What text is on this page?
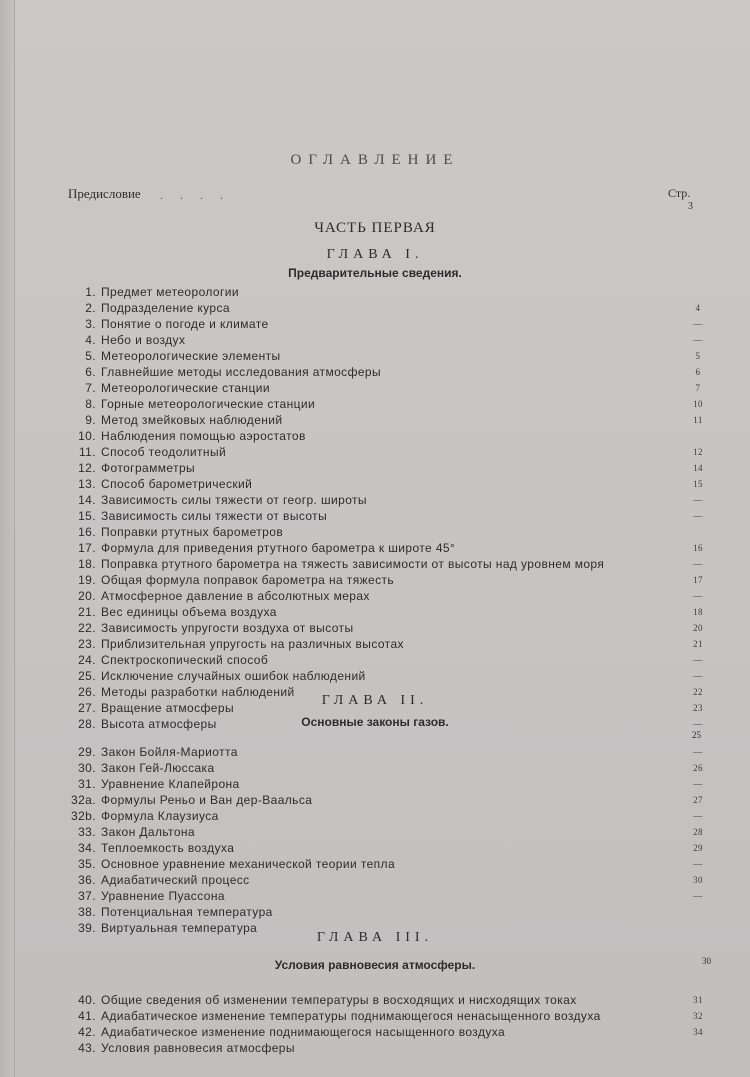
ОГЛАВЛЕНИЕ
Предисловие . . . .	Стр.
3
ЧАСТЬ ПЕРВАЯ
ГЛАВА I.
Предварительные сведения.
1. Предмет метеорологии
2. Подразделение курса	4
3. Понятие о погоде и климате	—
4. Небо и воздух	—
5. Метеорологические элементы	5
6. Главнейшие методы исследования атмосферы	6
7. Метеорологические станции	7
8. Горные метеорологические станции	10
9. Метод змейковых наблюдений	11
10. Наблюдения помощью аэростатов
11. Способ теодолитный	12
12. Фотограмметры	14
13. Способ барометрический	15
14. Зависимость силы тяжести от геогр. широты	—
15. Зависимость силы тяжести от высоты	—
16. Поправки ртутных барометров
17. Формула для приведения ртутного барометра к широте 45°	16
18. Поправка ртутного барометра на тяжесть зависимости от высоты над уровнем моря	—
19. Общая формула поправок барометра на тяжесть	17
20. Атмосферное давление в абсолютных мерах	—
21. Вес единицы объема воздуха	18
22. Зависимость упругости воздуха от высоты	20
23. Приблизительная упругость на различных высотах	21
24. Спектроскопический способ	—
25. Исключение случайных ошибок наблюдений	—
26. Методы разработки наблюдений	22
27. Вращение атмосферы	23
28. Высота атмосферы	—
ГЛАВА II.
Основные законы газов.
25
29. Закон Бойля-Мариотта	—
30. Закон Гей-Люссака	26
31. Уравнение Клапейрона	—
32a. Формулы Реньо и Ван дер-Ваальса	27
32b. Формула Клаузиуса	—
33. Закон Дальтона	28
34. Теплоемкость воздуха	29
35. Основное уравнение механической теории тепла	—
36. Адиабатический процесс	30
37. Уравнение Пуассона	—
38. Потенциальная температура
39. Виртуальная температура
ГЛАВА III.
Условия равновесия атмосферы.	30
40. Общие сведения об изменении температуры в восходящих и нисходящих токах	31
41. Адиабатическое изменение температуры поднимающегося ненасыщенного воздуха	32
42. Адиабатическое изменение поднимающегося насыщенного воздуха	34
43. Условия равновесия атмосферы
